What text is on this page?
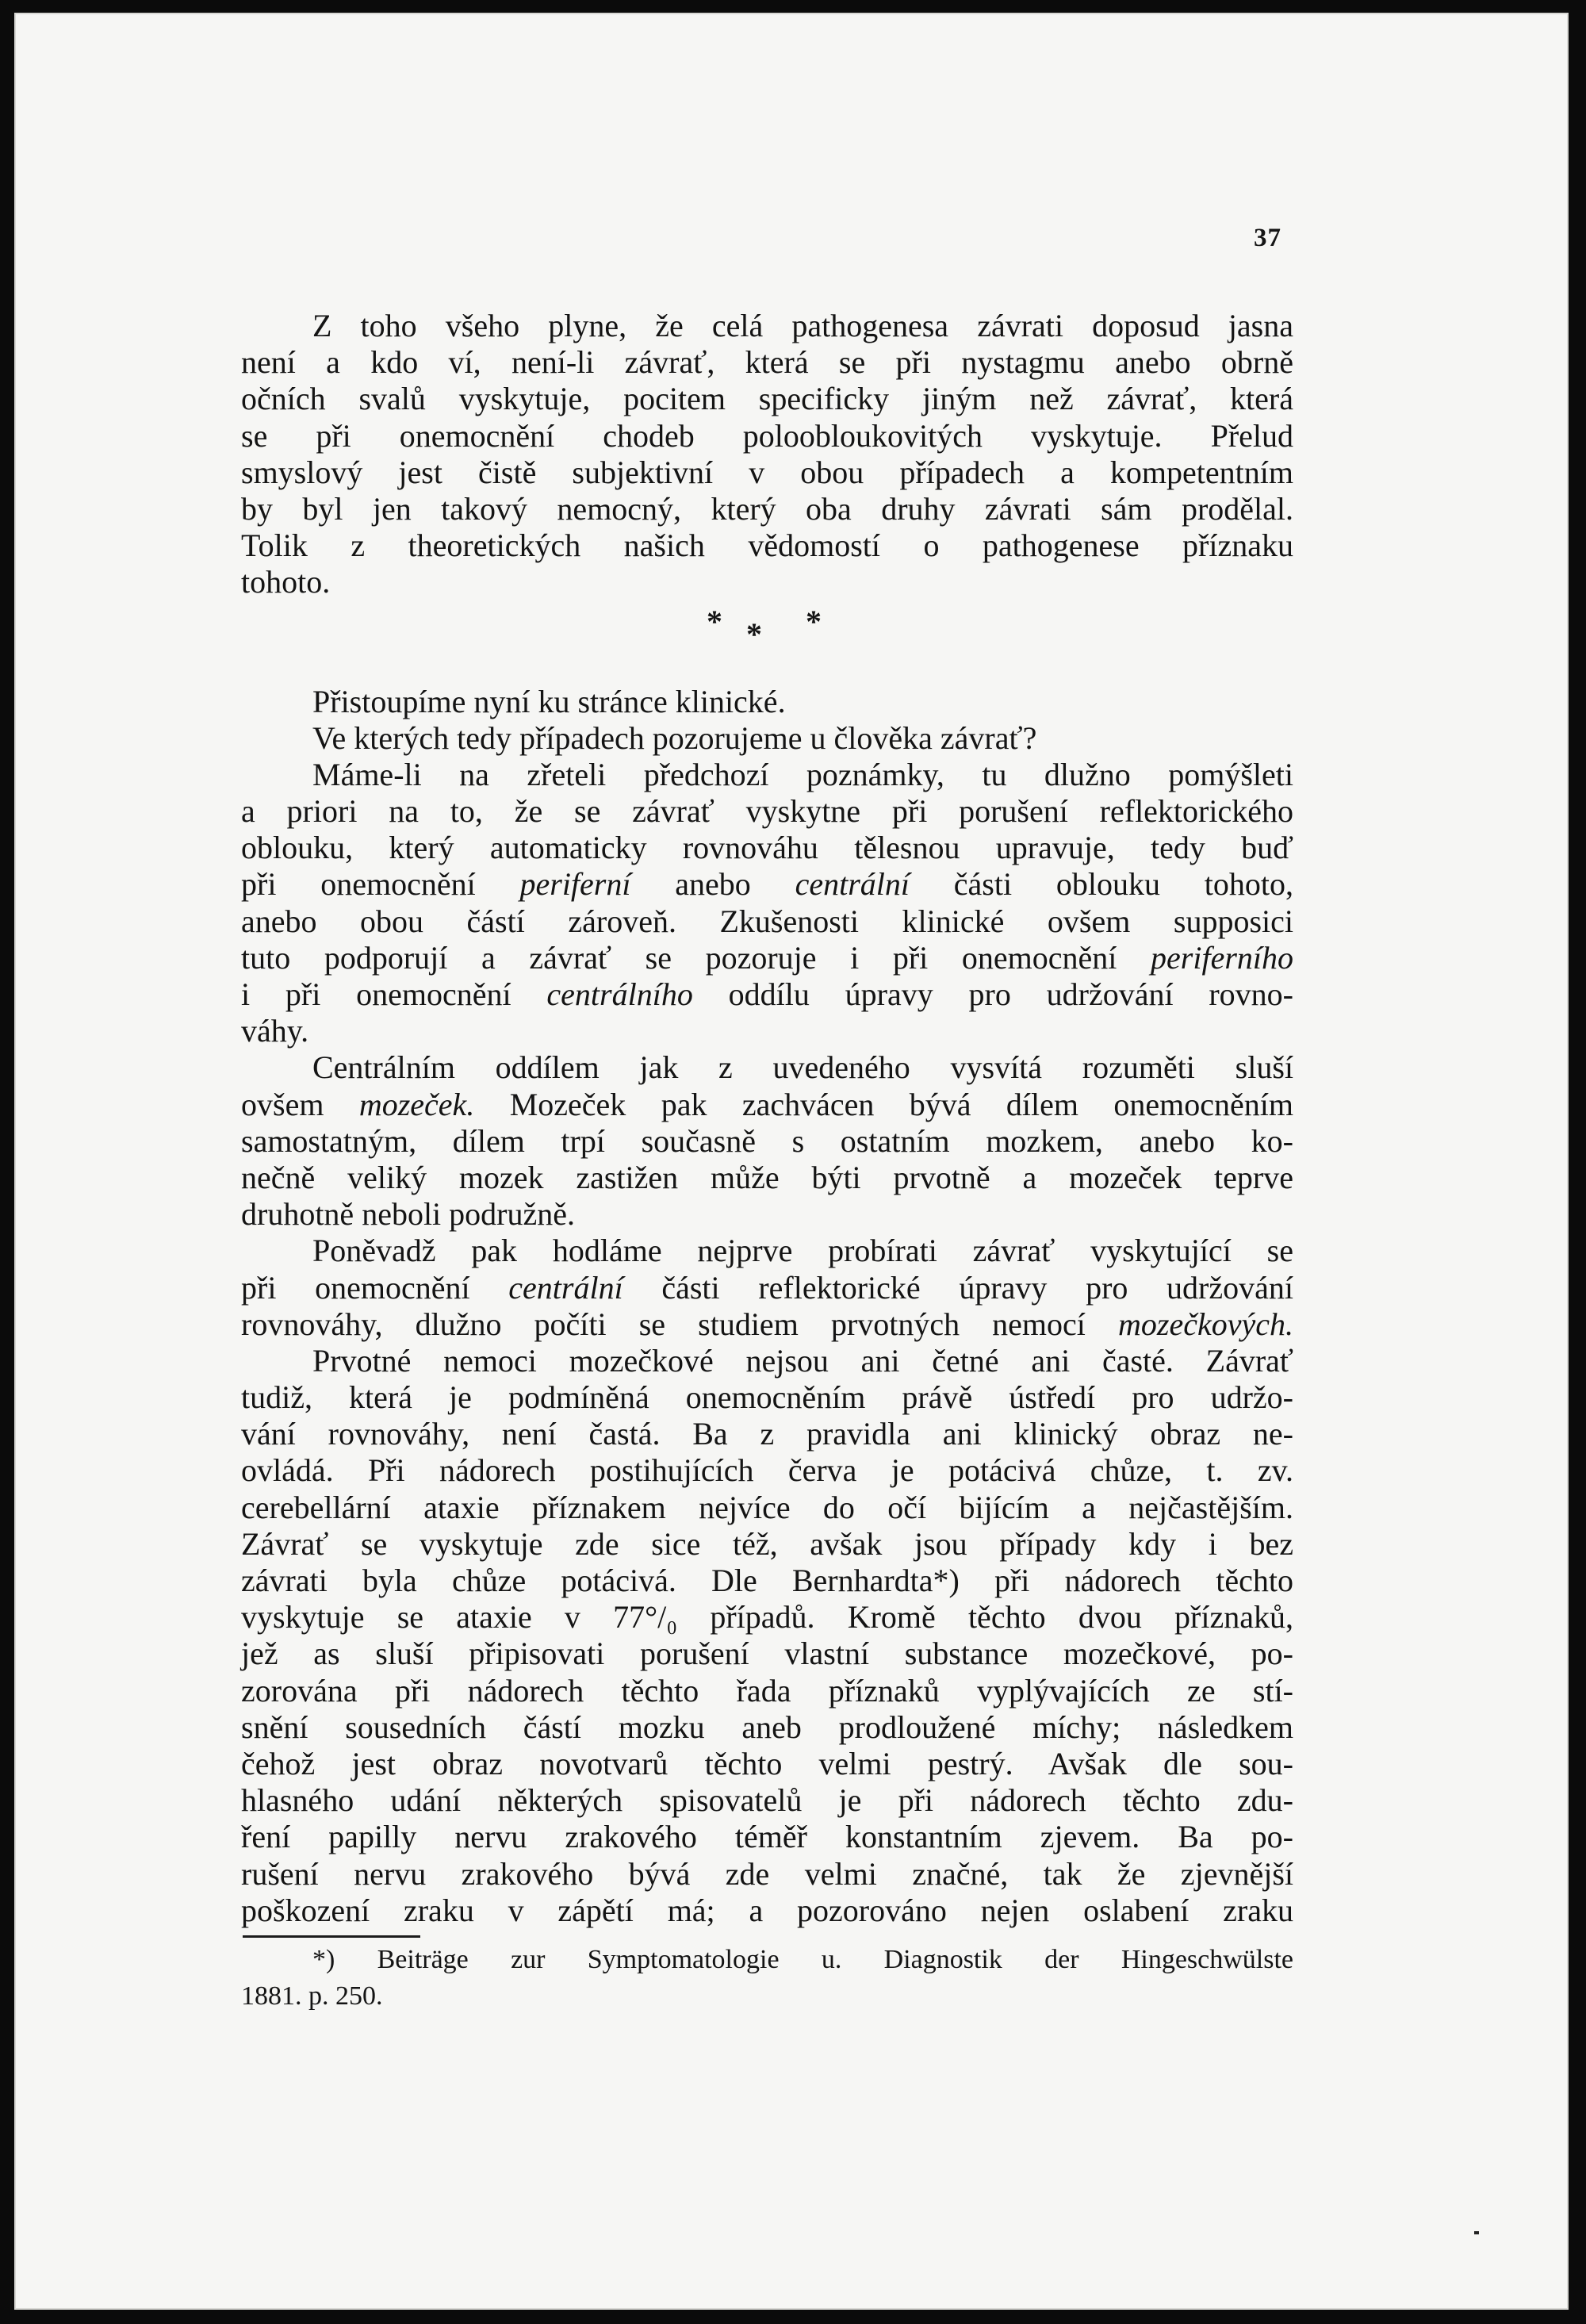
37
Z toho všeho plyne, že celá pathogenesa závrati doposud jasna
není a kdo ví, není-li závrať, která se při nystagmu anebo obrně
očních svalů vyskytuje, pocitem specificky jiným než závrať, která
se při onemocnění chodeb poloobloukovitých vyskytuje. Přelud
smyslový jest čistě subjektivní v obou případech a kompetentním
by byl jen takový nemocný, který oba druhy závrati sám prodělal.
Tolik z theoretických našich vědomostí o pathogenese příznaku
tohoto.
* * *
Přistoupíme nyní ku stránce klinické.
Ve kterých tedy případech pozorujeme u člověka závrať?
Máme-li na zřeteli předchozí poznámky, tu dlužno pomýšleti
a priori na to, že se závrať vyskytne při porušení reflektorického
oblouku, který automaticky rovnováhu tělesnou upravuje, tedy buď
při onemocnění periferní anebo centrální části oblouku tohoto,
anebo obou částí zároveň. Zkušenosti klinické ovšem supposici
tuto podporují a závrať se pozoruje i při onemocnění periferního
i při onemocnění centrálního oddílu úpravy pro udržování rovno-
váhy.
Centrálním oddílem jak z uvedeného vysvítá rozuměti sluší
ovšem mozeček. Mozeček pak zachvácen bývá dílem onemocněním
samostatným, dílem trpí současně s ostatním mozkem, anebo ko-
nečně veliký mozek zastižen může býti prvotně a mozeček teprve
druhotně neboli podružně.
Poněvadž pak hodláme nejprve probírati závrať vyskytující se
při onemocnění centrální části reflektorické úpravy pro udržování
rovnováhy, dlužno počíti se studiem prvotných nemocí mozečkových.
Prvotné nemoci mozečkové nejsou ani četné ani časté. Závrať
tudiž, která je podmíněná onemocněním právě ústředí pro udržo-
vání rovnováhy, není častá. Ba z pravidla ani klinický obraz ne-
ovládá. Při nádorech postihujících červa je potácivá chůze, t. zv.
cerebellární ataxie příznakem nejvíce do očí bijícím a nejčastějším.
Závrať se vyskytuje zde sice též, avšak jsou případy kdy i bez
závrati byla chůze potácivá. Dle Bernhardta*) při nádorech těchto
vyskytuje se ataxie v 77°/₀ případů. Kromě těchto dvou příznaků,
jež as sluší připisovati porušení vlastní substance mozečkové, po-
zorována při nádorech těchto řada příznaků vyplývajících ze stí-
snění sousedních částí mozku aneb prodloužené míchy; následkem
čehož jest obraz novotvarů těchto velmi pestrý. Avšak dle sou-
hlasného udání některých spisovatelů je při nádorech těchto zdu-
ření papilly nervu zrakového téměř konstantním zjevem. Ba po-
rušení nervu zrakového bývá zde velmi značné, tak že zjevnější
poškození zraku v zápětí má; a pozorováno nejen oslabení zraku
*) Beiträge zur Symptomatologie u. Diagnostik der Hingeschwülste
1881. p. 250.
